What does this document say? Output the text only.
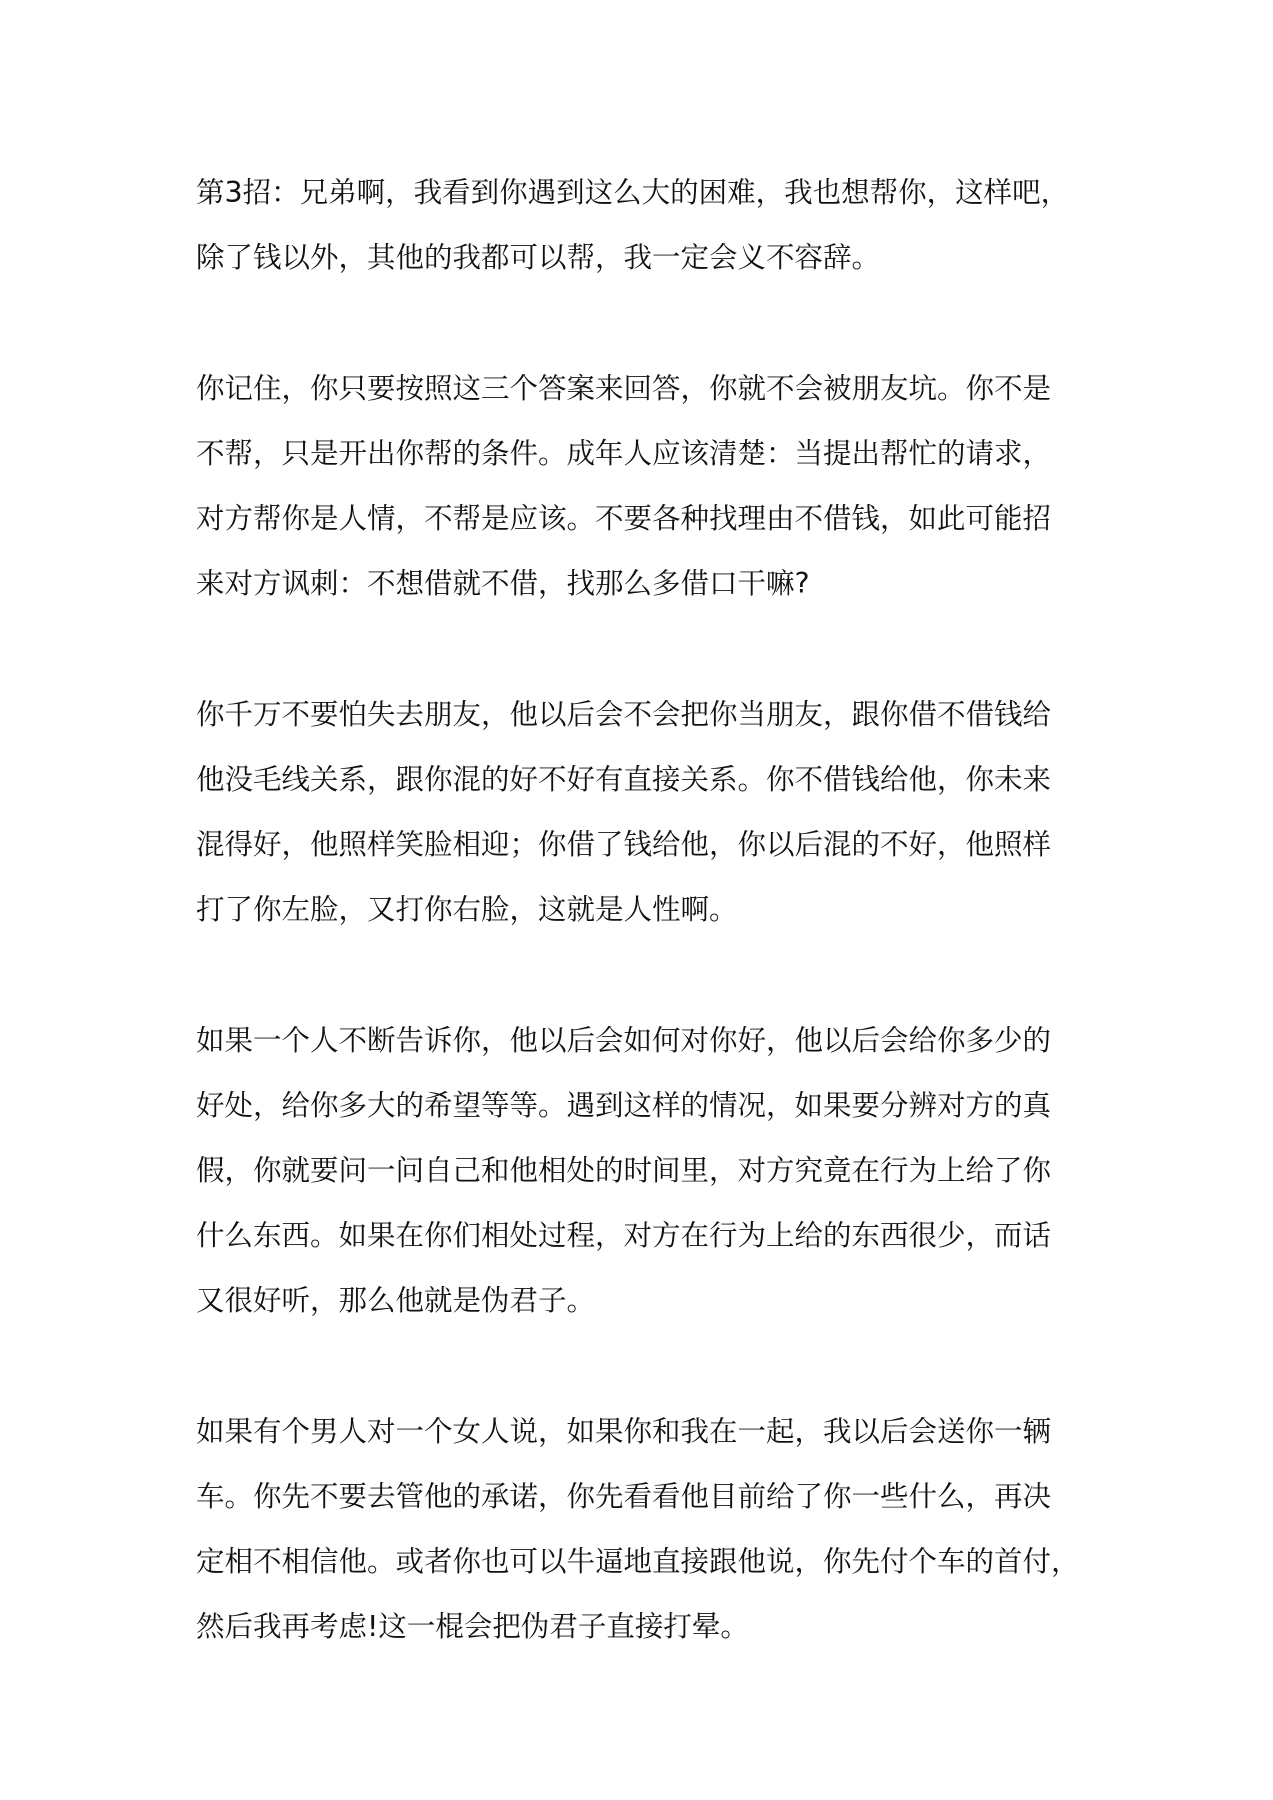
第3招：兄弟啊，我看到你遇到这么大的困难，我也想帮你，这样吧，
除了钱以外，其他的我都可以帮，我一定会义不容辞。
你记住，你只要按照这三个答案来回答，你就不会被朋友坑。你不是
不帮，只是开出你帮的条件。成年人应该清楚：当提出帮忙的请求，
对方帮你是人情，不帮是应该。不要各种找理由不借钱，如此可能招
来对方讽刺：不想借就不借，找那么多借口干嘛?
你千万不要怕失去朋友，他以后会不会把你当朋友，跟你借不借钱给
他没毛线关系，跟你混的好不好有直接关系。你不借钱给他，你未来
混得好，他照样笑脸相迎；你借了钱给他，你以后混的不好，他照样
打了你左脸，又打你右脸，这就是人性啊。
如果一个人不断告诉你，他以后会如何对你好，他以后会给你多少的
好处，给你多大的希望等等。遇到这样的情况，如果要分辨对方的真
假，你就要问一问自己和他相处的时间里，对方究竟在行为上给了你
什么东西。如果在你们相处过程，对方在行为上给的东西很少，而话
又很好听，那么他就是伪君子。
如果有个男人对一个女人说，如果你和我在一起，我以后会送你一辆
车。你先不要去管他的承诺，你先看看他目前给了你一些什么，再决
定相不相信他。或者你也可以牛逼地直接跟他说，你先付个车的首付，
然后我再考虑!这一棍会把伪君子直接打晕。
